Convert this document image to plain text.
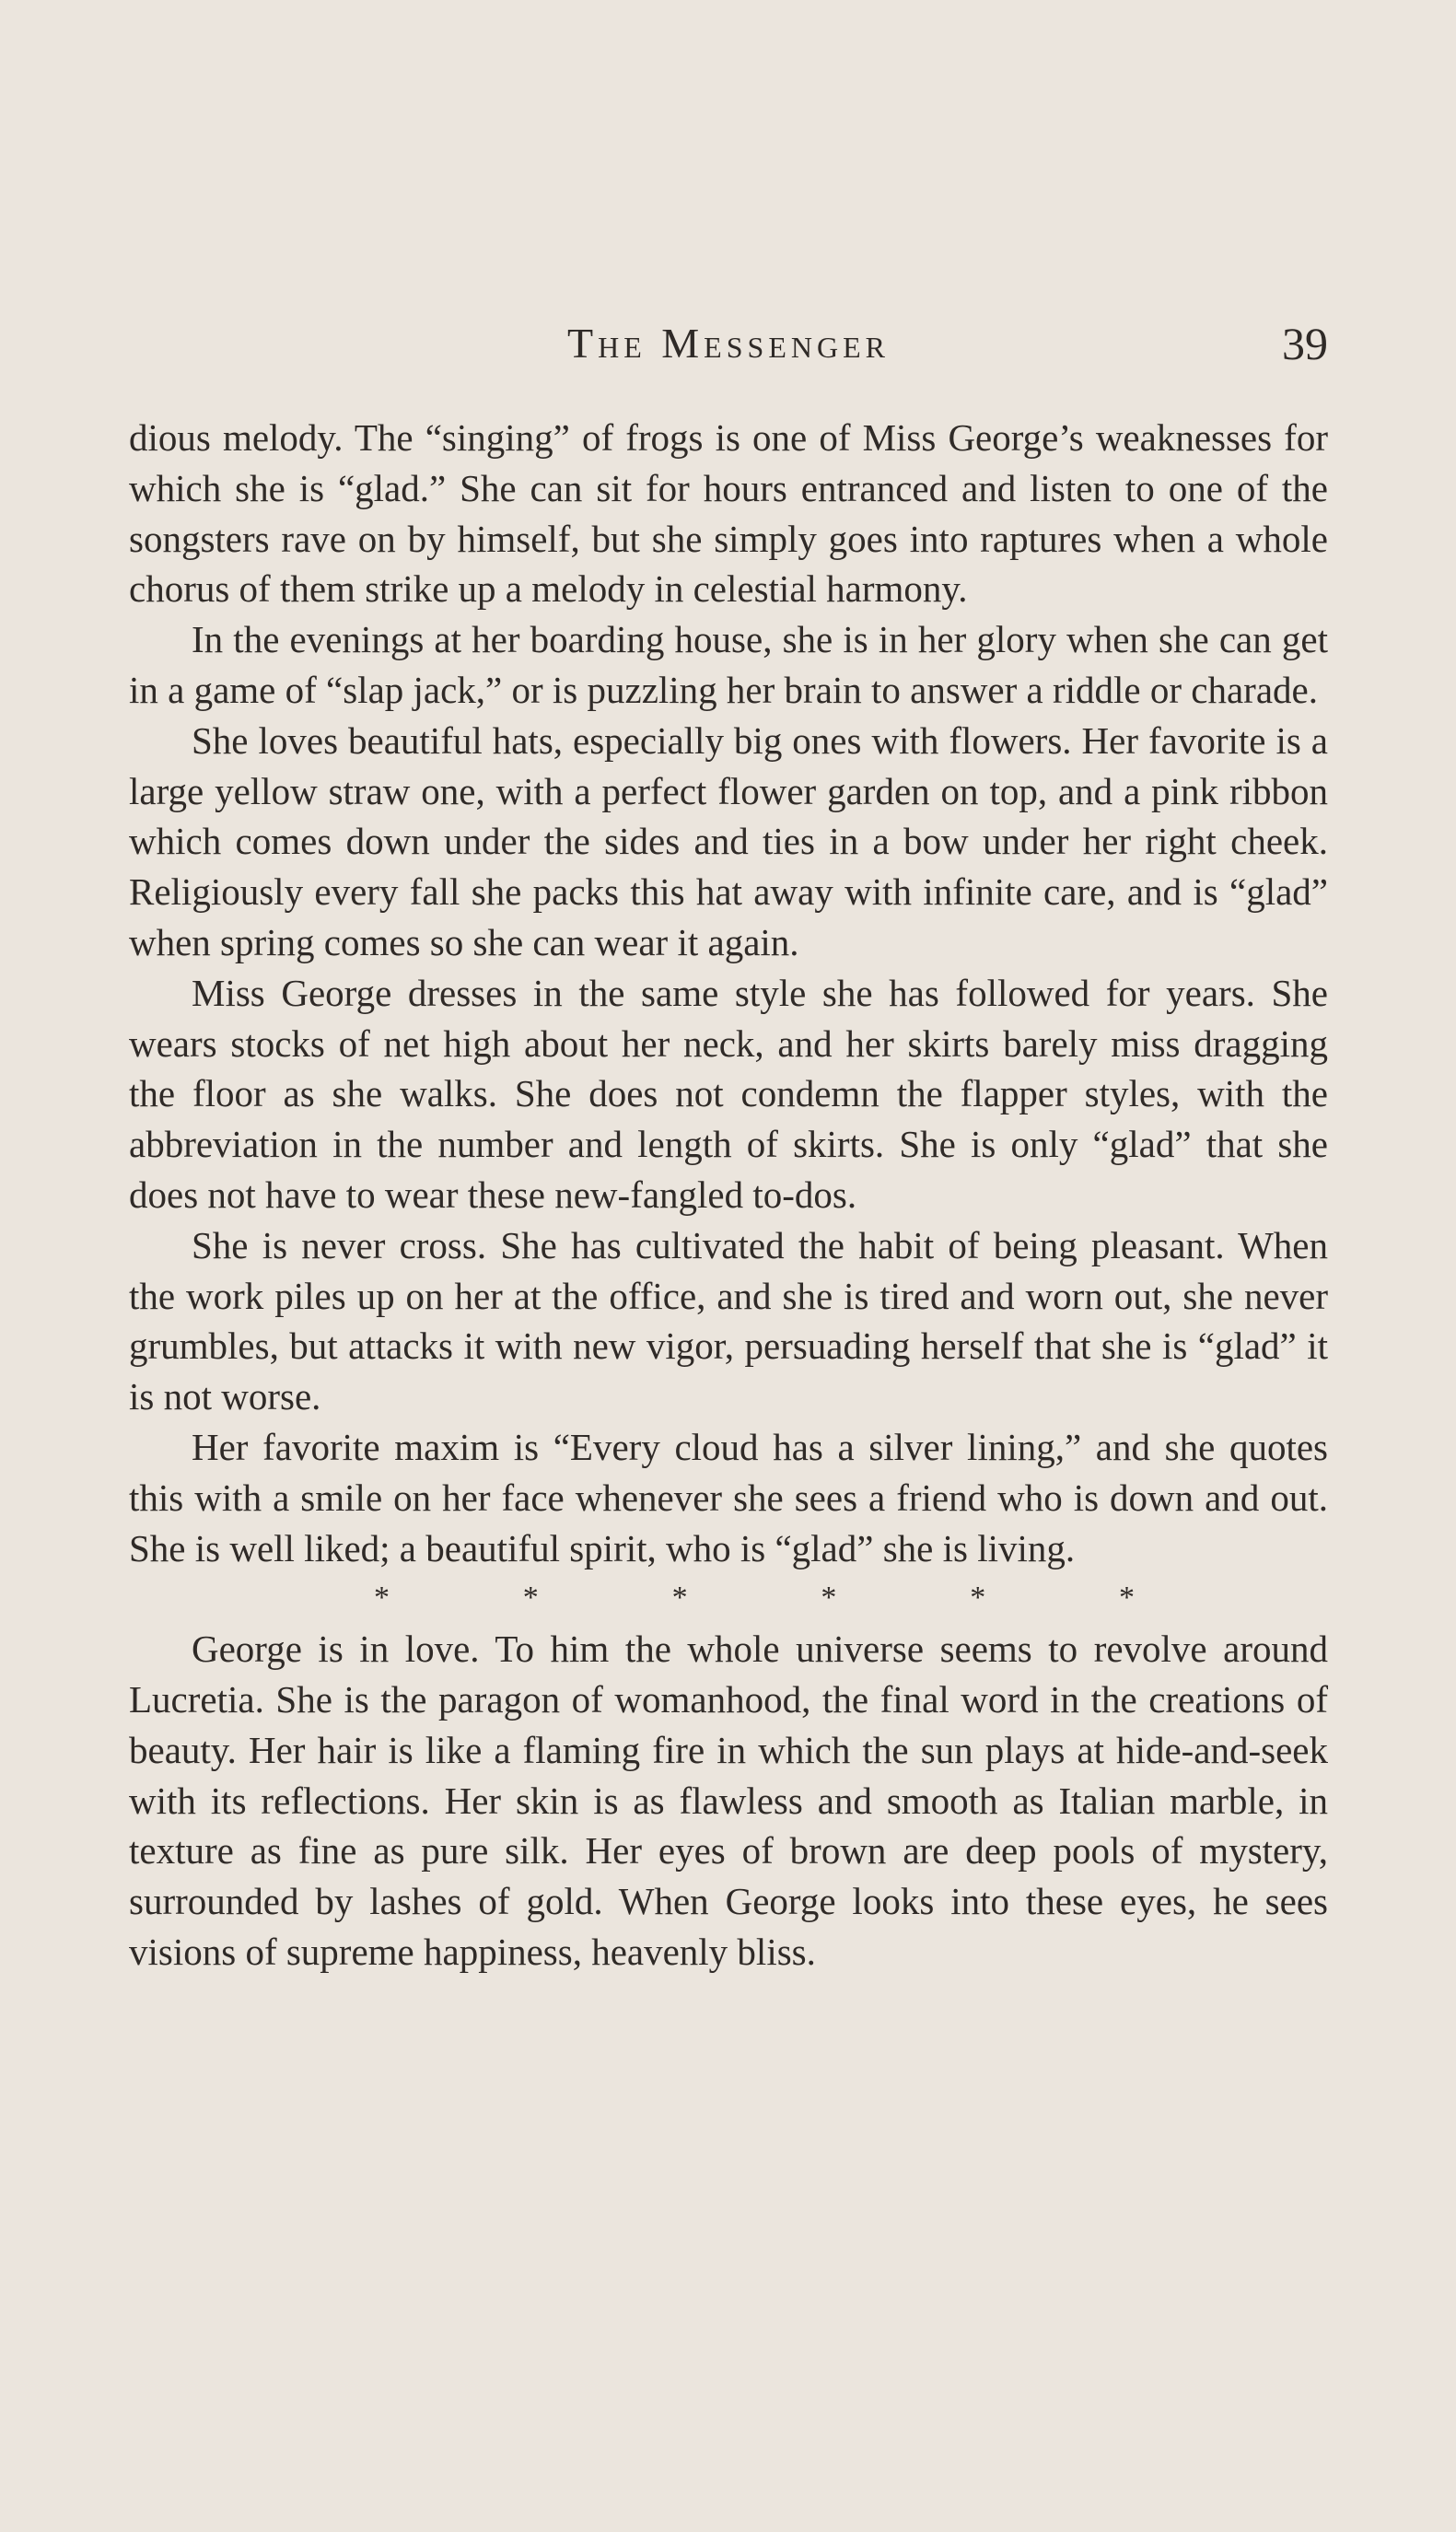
The Messenger	39

dious melody. The “singing” of frogs is one of Miss George’s weaknesses for which she is “glad.” She can sit for hours entranced and listen to one of the songsters rave on by himself, but she simply goes into raptures when a whole chorus of them strike up a melody in celestial harmony.

In the evenings at her boarding house, she is in her glory when she can get in a game of “slap jack,” or is puzzling her brain to answer a riddle or charade.

She loves beautiful hats, especially big ones with flowers. Her favorite is a large yellow straw one, with a perfect flower garden on top, and a pink ribbon which comes down under the sides and ties in a bow under her right cheek. Religiously every fall she packs this hat away with infinite care, and is “glad” when spring comes so she can wear it again.

Miss George dresses in the same style she has followed for years. She wears stocks of net high about her neck, and her skirts barely miss dragging the floor as she walks. She does not condemn the flapper styles, with the abbreviation in the number and length of skirts. She is only “glad” that she does not have to wear these new-fangled to-dos.

She is never cross. She has cultivated the habit of being pleasant. When the work piles up on her at the office, and she is tired and worn out, she never grumbles, but attacks it with new vigor, persuading herself that she is “glad” it is not worse.

Her favorite maxim is “Every cloud has a silver lining,” and she quotes this with a smile on her face whenever she sees a friend who is down and out. She is well liked; a beautiful spirit, who is “glad” she is living.

*	*	*	*	*	*

George is in love. To him the whole universe seems to revolve around Lucretia. She is the paragon of womanhood, the final word in the creations of beauty. Her hair is like a flaming fire in which the sun plays at hide-and-seek with its reflections. Her skin is as flawless and smooth as Italian marble, in texture as fine as pure silk. Her eyes of brown are deep pools of mystery, surrounded by lashes of gold. When George looks into these eyes, he sees visions of supreme happiness, heavenly bliss.
